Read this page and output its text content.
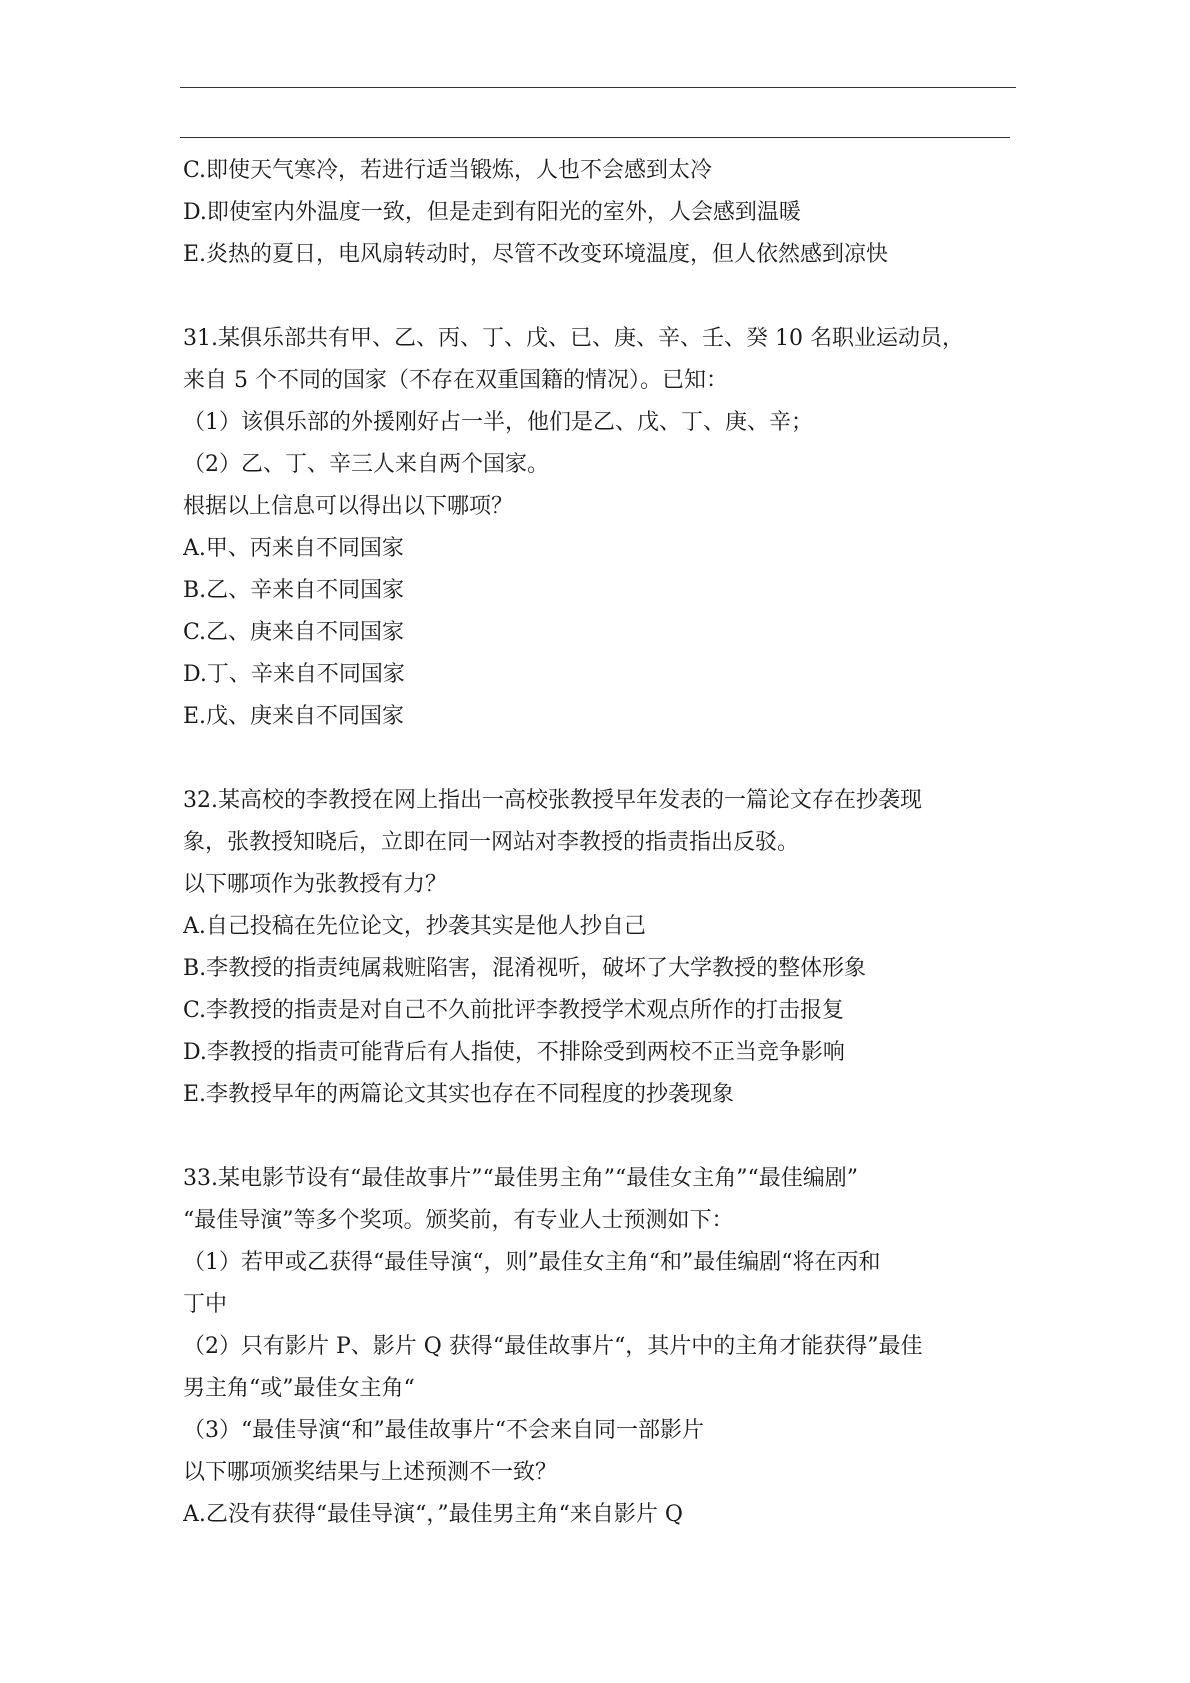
C.即使天气寒冷，若进行适当锻炼，人也不会感到太冷
D.即使室内外温度一致，但是走到有阳光的室外，人会感到温暖
E.炎热的夏日，电风扇转动时，尽管不改变环境温度，但人依然感到凉快
31.某俱乐部共有甲、乙、丙、丁、戊、已、庚、辛、壬、癸 10 名职业运动员，
来自 5 个不同的国家（不存在双重国籍的情况）。已知：
（1）该俱乐部的外援刚好占一半，他们是乙、戊、丁、庚、辛；
（2）乙、丁、辛三人来自两个国家。
根据以上信息可以得出以下哪项？
A.甲、丙来自不同国家
B.乙、辛来自不同国家
C.乙、庚来自不同国家
D.丁、辛来自不同国家
E.戊、庚来自不同国家
32.某高校的李教授在网上指出一高校张教授早年发表的一篇论文存在抄袭现
象，张教授知晓后，立即在同一网站对李教授的指责指出反驳。
以下哪项作为张教授有力？
A.自己投稿在先位论文，抄袭其实是他人抄自己
B.李教授的指责纯属栽赃陷害，混淆视听，破坏了大学教授的整体形象
C.李教授的指责是对自己不久前批评李教授学术观点所作的打击报复
D.李教授的指责可能背后有人指使，不排除受到两校不正当竞争影响
E.李教授早年的两篇论文其实也存在不同程度的抄袭现象
33.某电影节设有“最佳故事片”“最佳男主角”“最佳女主角”“最佳编剧”
“最佳导演”等多个奖项。颁奖前，有专业人士预测如下：
（1）若甲或乙获得“最佳导演“，则”最佳女主角“和”最佳编剧“将在丙和
丁中
（2）只有影片 P、影片 Q 获得“最佳故事片“，其片中的主角才能获得”最佳
男主角“或”最佳女主角“
（3）“最佳导演“和”最佳故事片“不会来自同一部影片
以下哪项颁奖结果与上述预测不一致？
A.乙没有获得“最佳导演“，”最佳男主角“来自影片 Q
